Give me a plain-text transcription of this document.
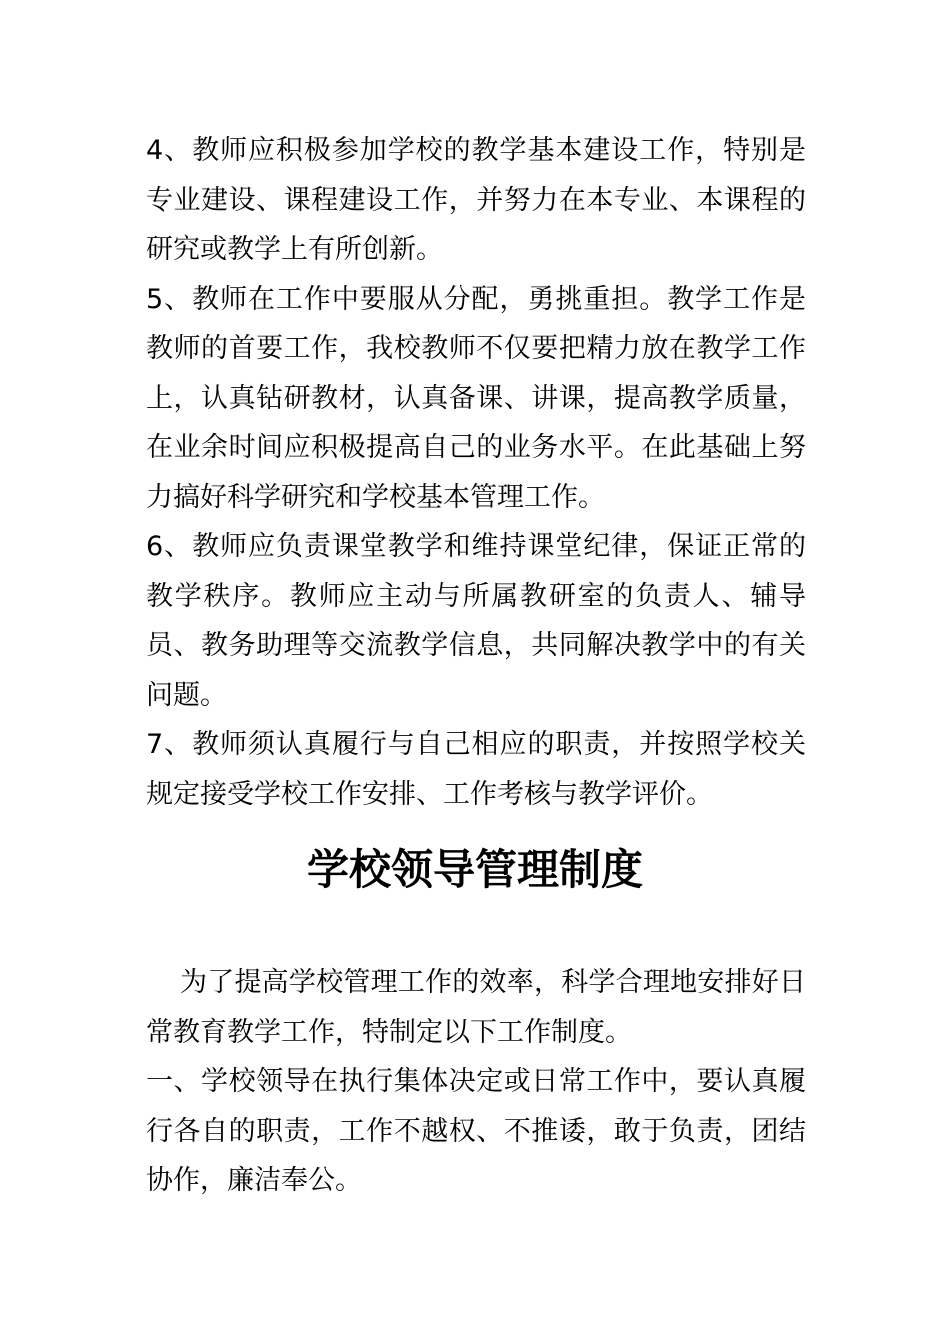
4、教师应积极参加学校的教学基本建设工作，特别是专业建设、课程建设工作，并努力在本专业、本课程的研究或教学上有所创新。

5、教师在工作中要服从分配，勇挑重担。教学工作是教师的首要工作，我校教师不仅要把精力放在教学工作上，认真钻研教材，认真备课、讲课，提高教学质量，在业余时间应积极提高自己的业务水平。在此基础上努力搞好科学研究和学校基本管理工作。

6、教师应负责课堂教学和维持课堂纪律，保证正常的教学秩序。教师应主动与所属教研室的负责人、辅导员、教务助理等交流教学信息，共同解决教学中的有关问题。

7、教师须认真履行与自己相应的职责，并按照学校关规定接受学校工作安排、工作考核与教学评价。

学校领导管理制度

为了提高学校管理工作的效率，科学合理地安排好日常教育教学工作，特制定以下工作制度。

一、学校领导在执行集体决定或日常工作中，要认真履行各自的职责，工作不越权、不推诿，敢于负责，团结协作，廉洁奉公。
